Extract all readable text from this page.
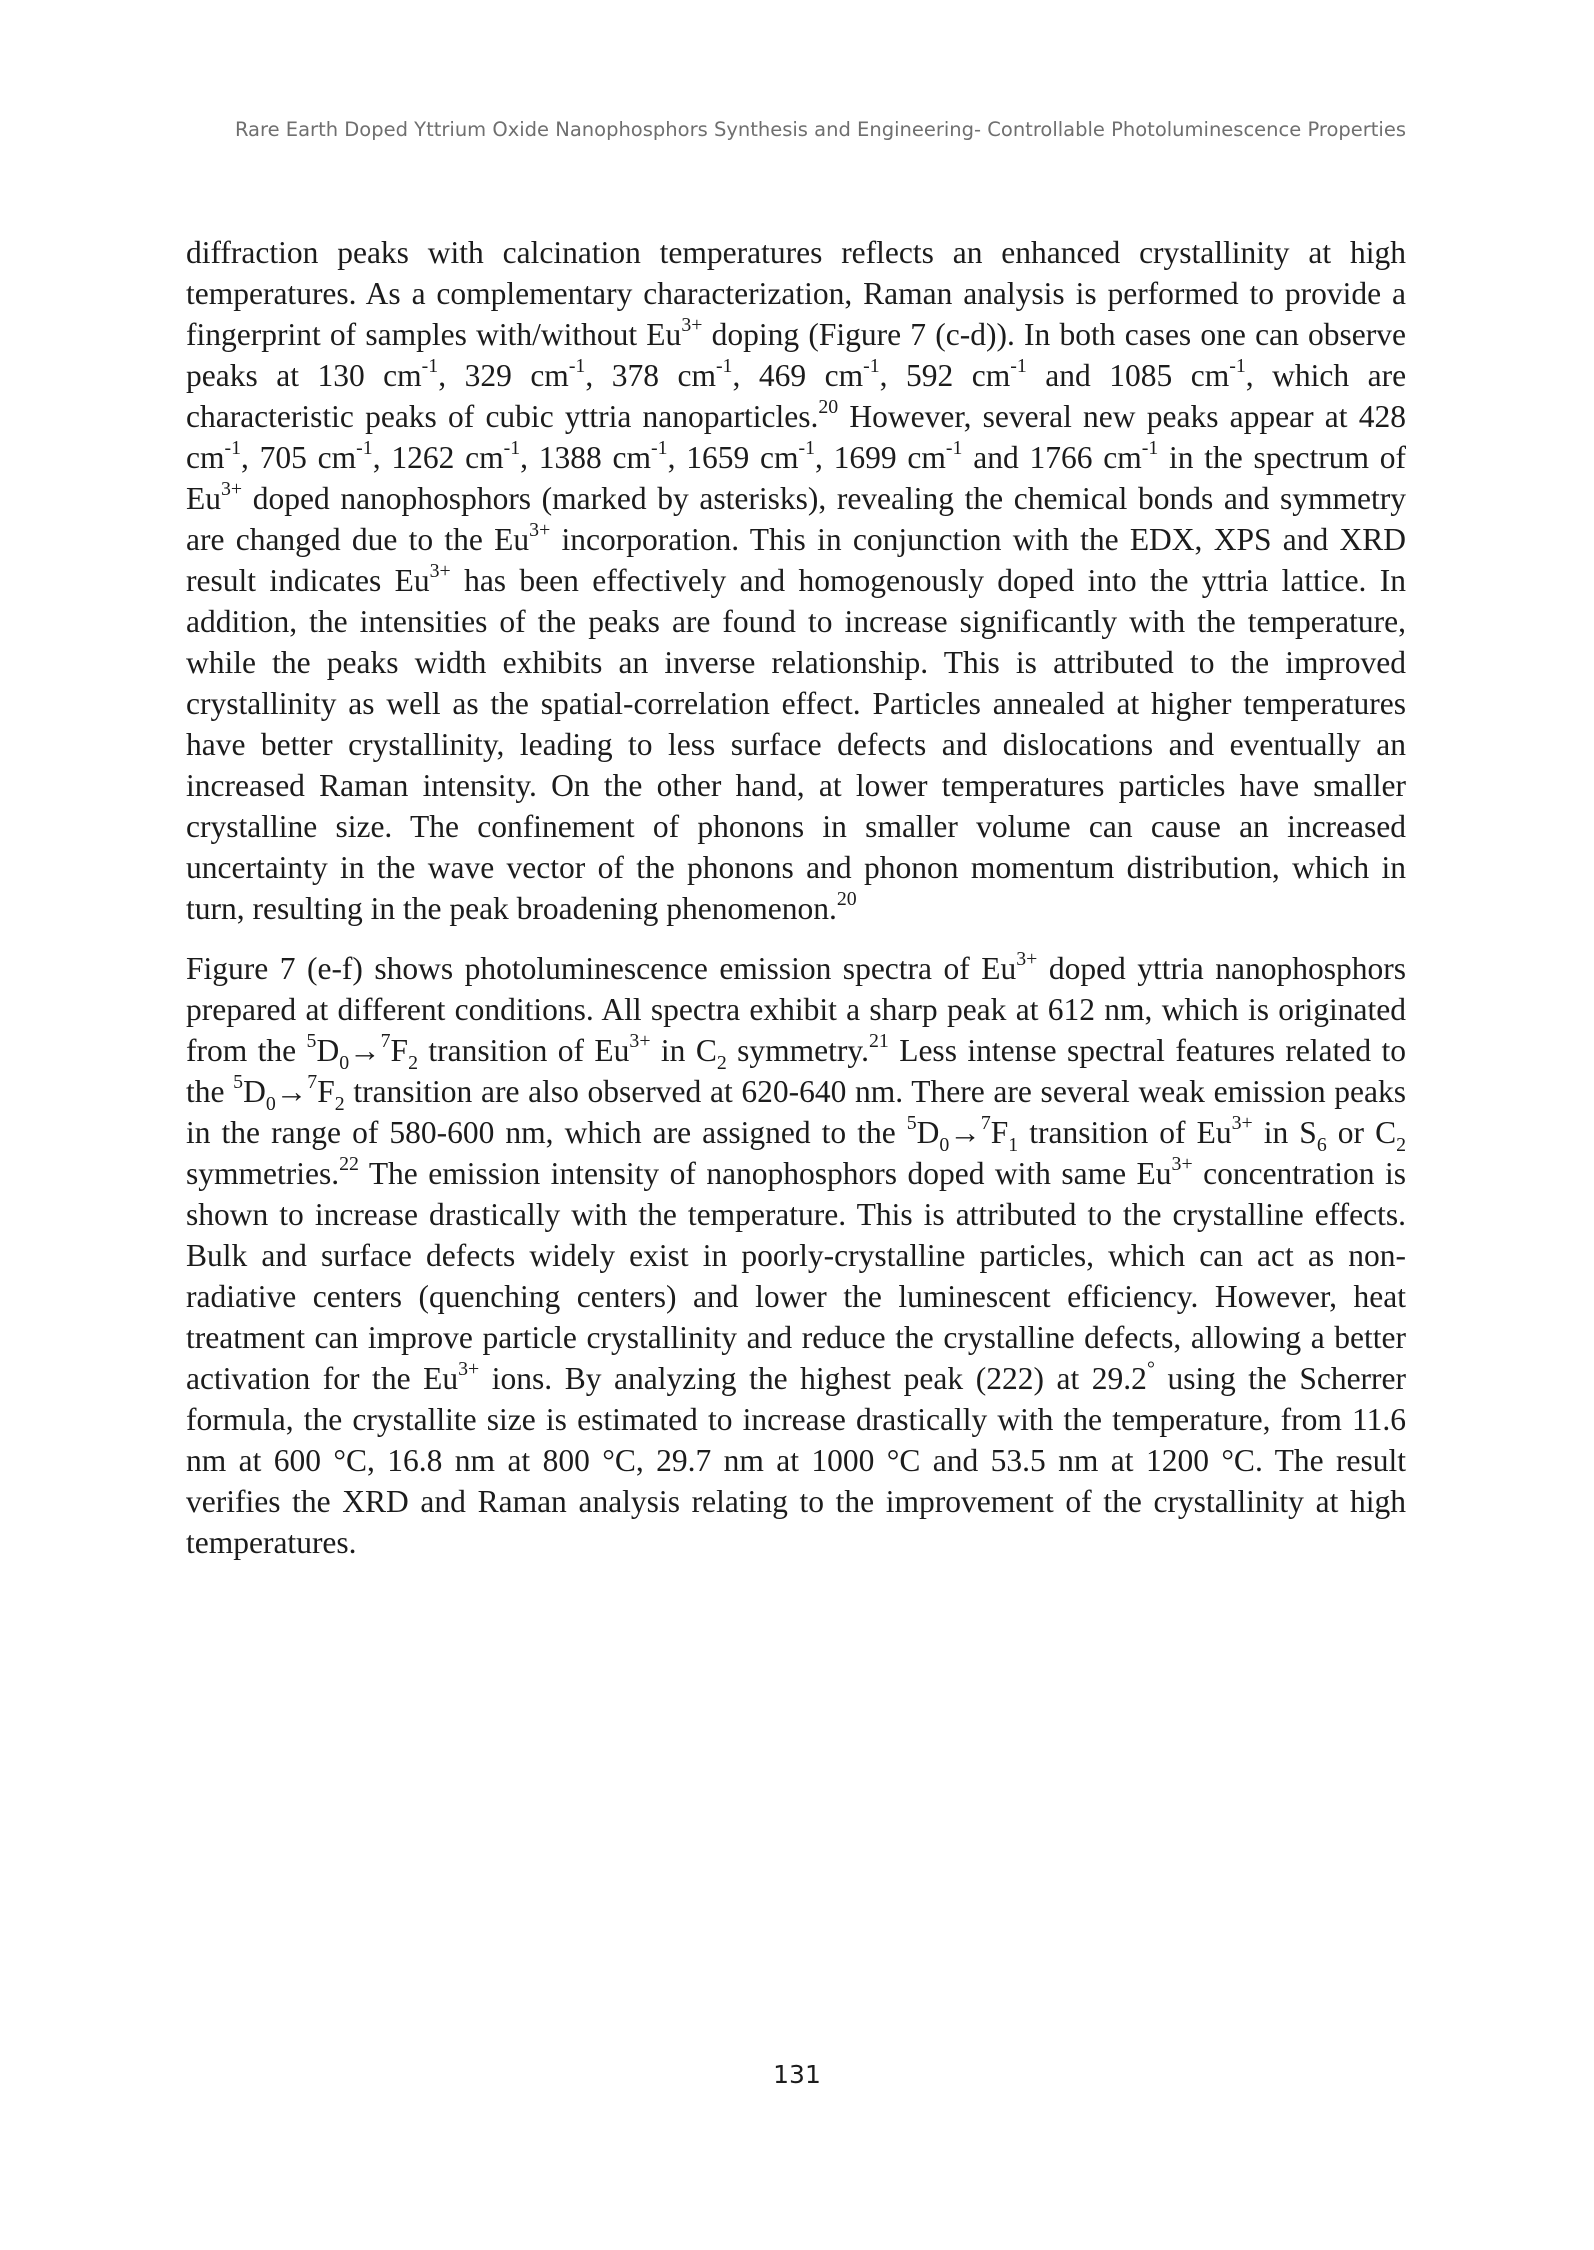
Rare Earth Doped Yttrium Oxide Nanophosphors Synthesis and Engineering- Controllable Photoluminescence Properties

diffraction peaks with calcination temperatures reflects an enhanced crystallinity at high temperatures. As a complementary characterization, Raman analysis is performed to provide a fingerprint of samples with/without $Eu^{3+}$ doping (Figure 7 (c-d)). In both cases one can observe peaks at 130 $cm^{-1}$, 329 $cm^{-1}$, 378 $cm^{-1}$, 469 $cm^{-1}$, 592 $cm^{-1}$ and 1085 $cm^{-1}$, which are characteristic peaks of cubic yttria nanoparticles.$^{20}$ However, several new peaks appear at 428 $cm^{-1}$, 705 $cm^{-1}$, 1262 $cm^{-1}$, 1388 $cm^{-1}$, 1659 $cm^{-1}$, 1699 $cm^{-1}$ and 1766 $cm^{-1}$ in the spectrum of $Eu^{3+}$ doped nanophosphors (marked by asterisks), revealing the chemical bonds and symmetry are changed due to the $Eu^{3+}$ incorporation. This in conjunction with the EDX, XPS and XRD result indicates $Eu^{3+}$ has been effectively and homogenously doped into the yttria lattice. In addition, the intensities of the peaks are found to increase significantly with the temperature, while the peaks width exhibits an inverse relationship. This is attributed to the improved crystallinity as well as the spatial-correlation effect. Particles annealed at higher temperatures have better crystallinity, leading to less surface defects and dislocations and eventually an increased Raman intensity. On the other hand, at lower temperatures particles have smaller crystalline size. The confinement of phonons in smaller volume can cause an increased uncertainty in the wave vector of the phonons and phonon momentum distribution, which in turn, resulting in the peak broadening phenomenon.$^{20}$

Figure 7 (e-f) shows photoluminescence emission spectra of $Eu^{3+}$ doped yttria nanophosphors prepared at different conditions. All spectra exhibit a sharp peak at 612 nm, which is originated from the $^5D_0\to^7F_2$ transition of $Eu^{3+}$ in $C_2$ symmetry.$^{21}$ Less intense spectral features related to the $^5D_0\to^7F_2$ transition are also observed at 620-640 nm. There are several weak emission peaks in the range of 580-600 nm, which are assigned to the $^5D_0\to^7F_1$ transition of $Eu^{3+}$ in $S_6$ or $C_2$ symmetries.$^{22}$ The emission intensity of nanophosphors doped with same $Eu^{3+}$ concentration is shown to increase drastically with the temperature. This is attributed to the crystalline effects. Bulk and surface defects widely exist in poorly-crystalline particles, which can act as non-radiative centers (quenching centers) and lower the luminescent efficiency. However, heat treatment can improve particle crystallinity and reduce the crystalline defects, allowing a better activation for the $Eu^{3+}$ ions. By analyzing the highest peak (222) at 29.2° using the Scherrer formula, the crystallite size is estimated to increase drastically with the temperature, from 11.6 nm at 600 °C, 16.8 nm at 800 °C, 29.7 nm at 1000 °C and 53.5 nm at 1200 °C. The result verifies the XRD and Raman analysis relating to the improvement of the crystallinity at high temperatures.

131
